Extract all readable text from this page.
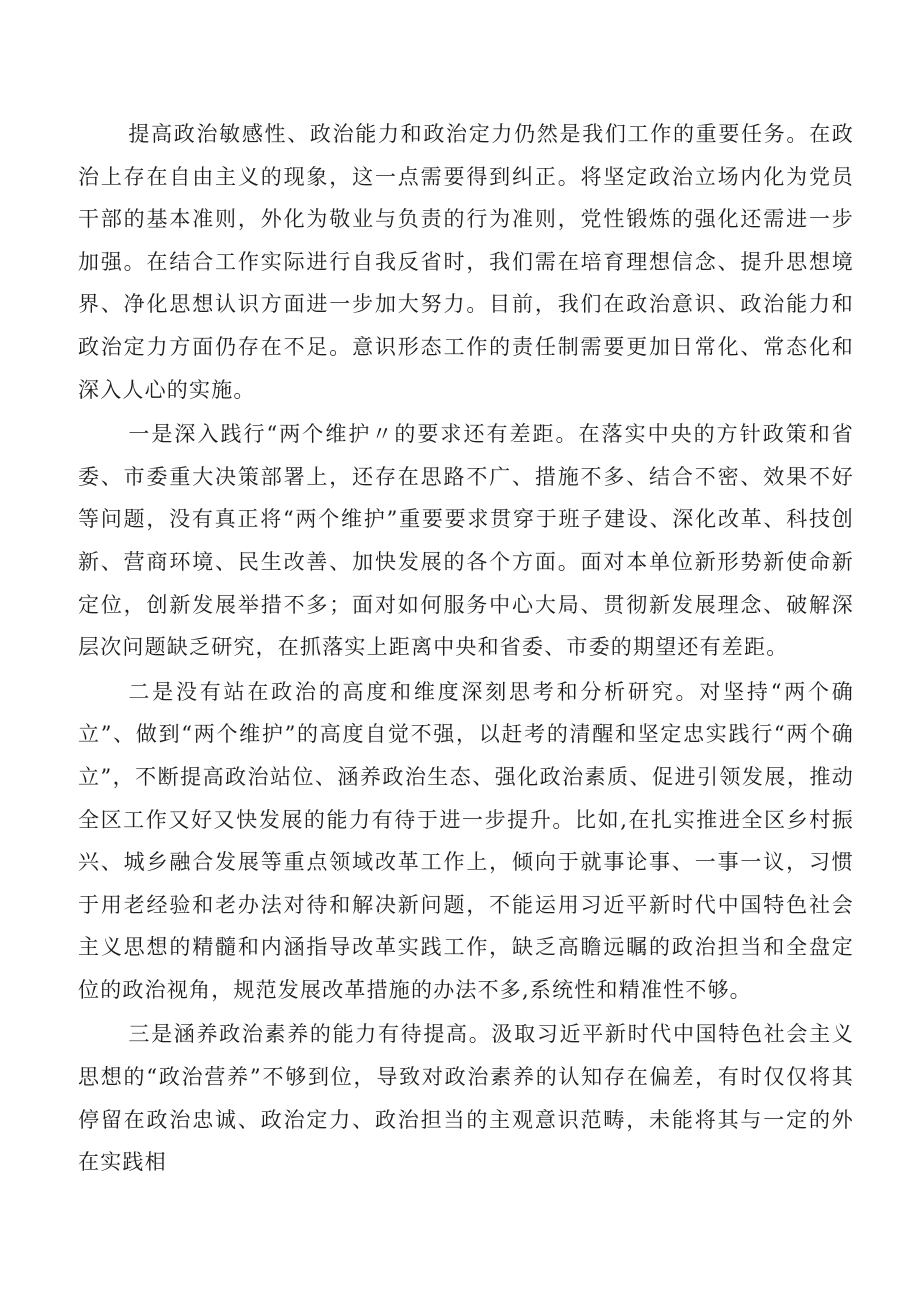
提高政治敏感性、政治能力和政治定力仍然是我们工作的重要任务。在政治上存在自由主义的现象，这一点需要得到纠正。将坚定政治立场内化为党员干部的基本准则，外化为敬业与负责的行为准则，党性锻炼的强化还需进一步加强。在结合工作实际进行自我反省时，我们需在培育理想信念、提升思想境界、净化思想认识方面进一步加大努力。目前，我们在政治意识、政治能力和政治定力方面仍存在不足。意识形态工作的责任制需要更加日常化、常态化和深入人心的实施。

一是深入践行“两个维护〃的要求还有差距。在落实中央的方针政策和省委、市委重大决策部署上，还存在思路不广、措施不多、结合不密、效果不好等问题，没有真正将“两个维护”重要要求贯穿于班子建设、深化改革、科技创新、营商环境、民生改善、加快发展的各个方面。面对本单位新形势新使命新定位，创新发展举措不多；面对如何服务中心大局、贯彻新发展理念、破解深层次问题缺乏研究，在抓落实上距离中央和省委、市委的期望还有差距。

二是没有站在政治的高度和维度深刻思考和分析研究。对坚持“两个确立”、做到“两个维护”的高度自觉不强，以赶考的清醒和坚定忠实践行“两个确立”，不断提高政治站位、涵养政治生态、强化政治素质、促进引领发展，推动全区工作又好又快发展的能力有待于进一步提升。比如,在扎实推进全区乡村振兴、城乡融合发展等重点领域改革工作上，倾向于就事论事、一事一议，习惯于用老经验和老办法对待和解决新问题，不能运用习近平新时代中国特色社会主义思想的精髓和内涵指导改革实践工作，缺乏高瞻远瞩的政治担当和全盘定位的政治视角，规范发展改革措施的办法不多,系统性和精准性不够。

三是涵养政治素养的能力有待提高。汲取习近平新时代中国特色社会主义思想的“政治营养”不够到位，导致对政治素养的认知存在偏差，有时仅仅将其停留在政治忠诚、政治定力、政治担当的主观意识范畴，未能将其与一定的外在实践相
